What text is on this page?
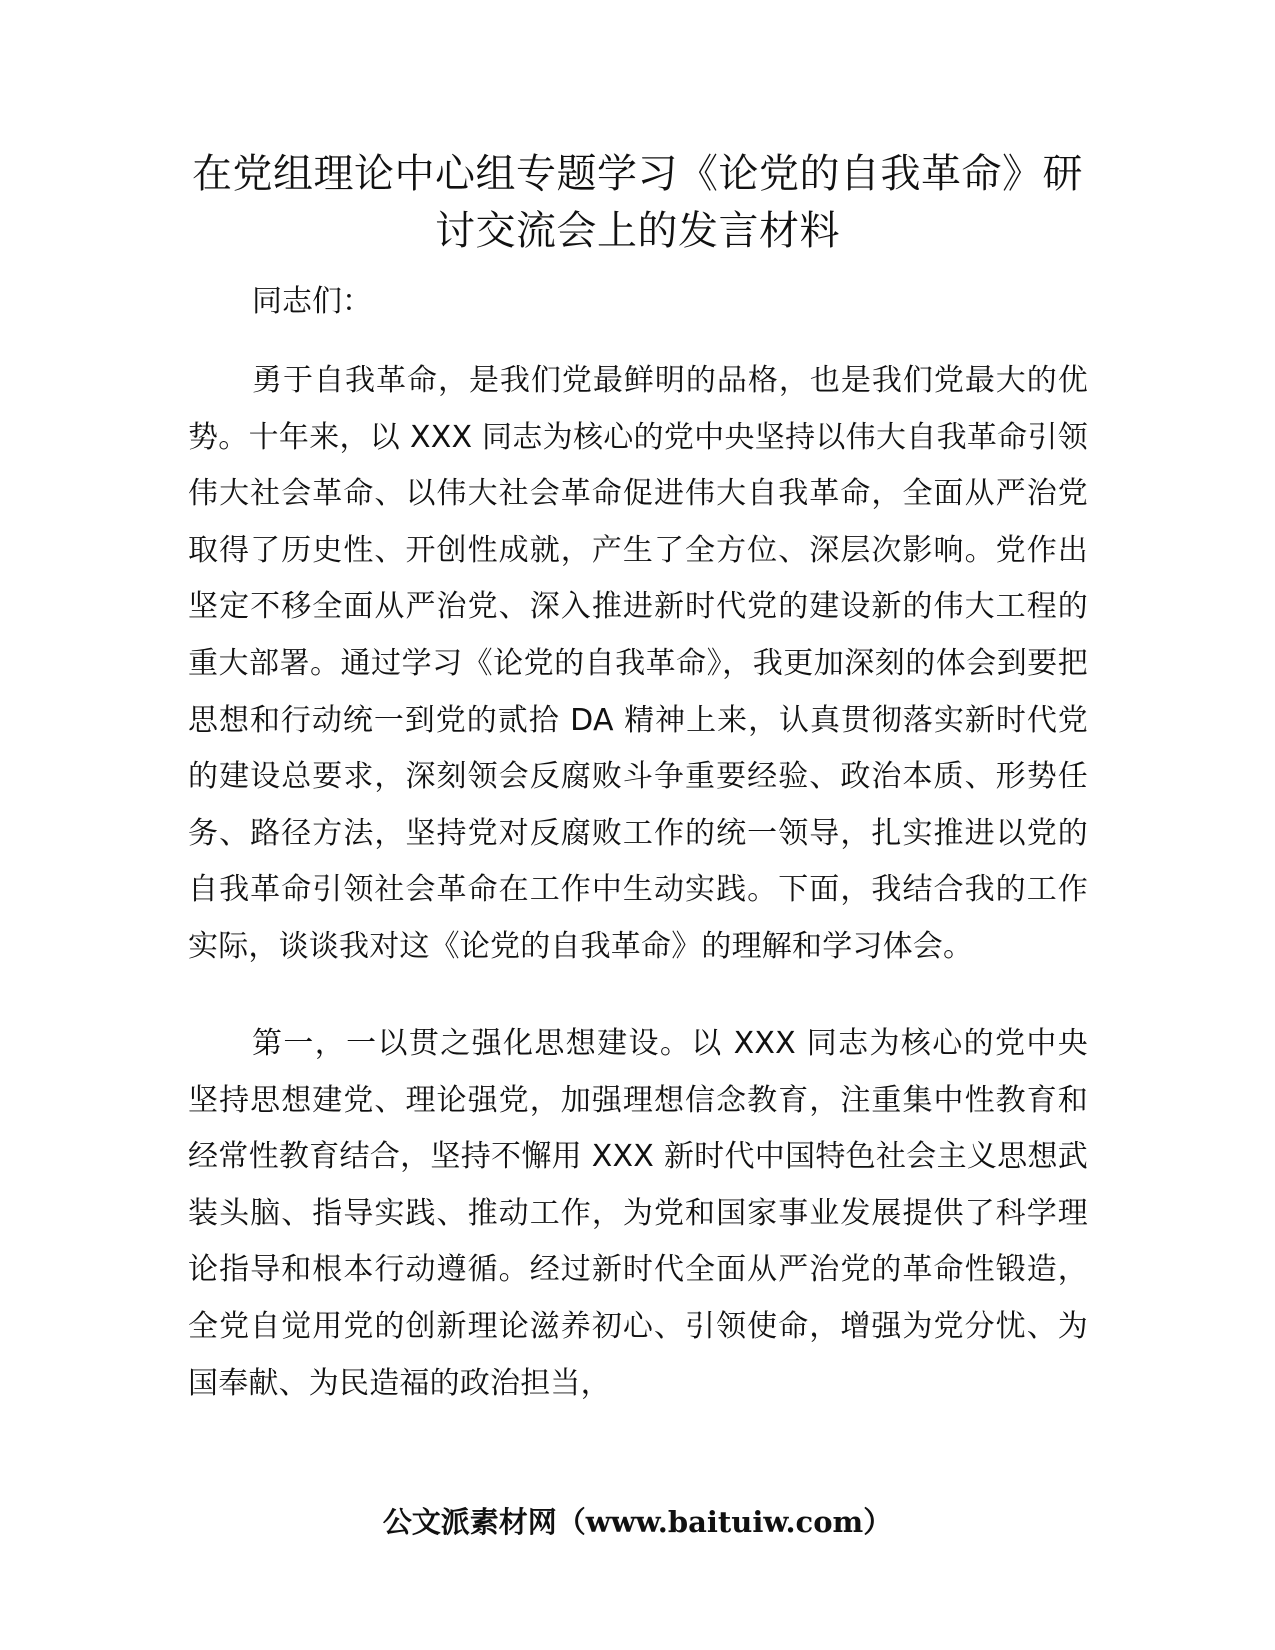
在党组理论中心组专题学习《论党的自我革命》研讨交流会上的发言材料

同志们：

勇于自我革命，是我们党最鲜明的品格，也是我们党最大的优势。十年来，以 XXX 同志为核心的党中央坚持以伟大自我革命引领伟大社会革命、以伟大社会革命促进伟大自我革命，全面从严治党取得了历史性、开创性成就，产生了全方位、深层次影响。党作出坚定不移全面从严治党、深入推进新时代党的建设新的伟大工程的重大部署。通过学习《论党的自我革命》，我更加深刻的体会到要把思想和行动统一到党的贰拾 DA 精神上来，认真贯彻落实新时代党的建设总要求，深刻领会反腐败斗争重要经验、政治本质、形势任务、路径方法，坚持党对反腐败工作的统一领导，扎实推进以党的自我革命引领社会革命在工作中生动实践。下面，我结合我的工作实际，谈谈我对这《论党的自我革命》的理解和学习体会。

第一，一以贯之强化思想建设。以 XXX 同志为核心的党中央坚持思想建党、理论强党，加强理想信念教育，注重集中性教育和经常性教育结合，坚持不懈用 XXX 新时代中国特色社会主义思想武装头脑、指导实践、推动工作，为党和国家事业发展提供了科学理论指导和根本行动遵循。经过新时代全面从严治党的革命性锻造，全党自觉用党的创新理论滋养初心、引领使命，增强为党分忧、为国奉献、为民造福的政治担当，

公文派素材网（www.baituiw.com）
